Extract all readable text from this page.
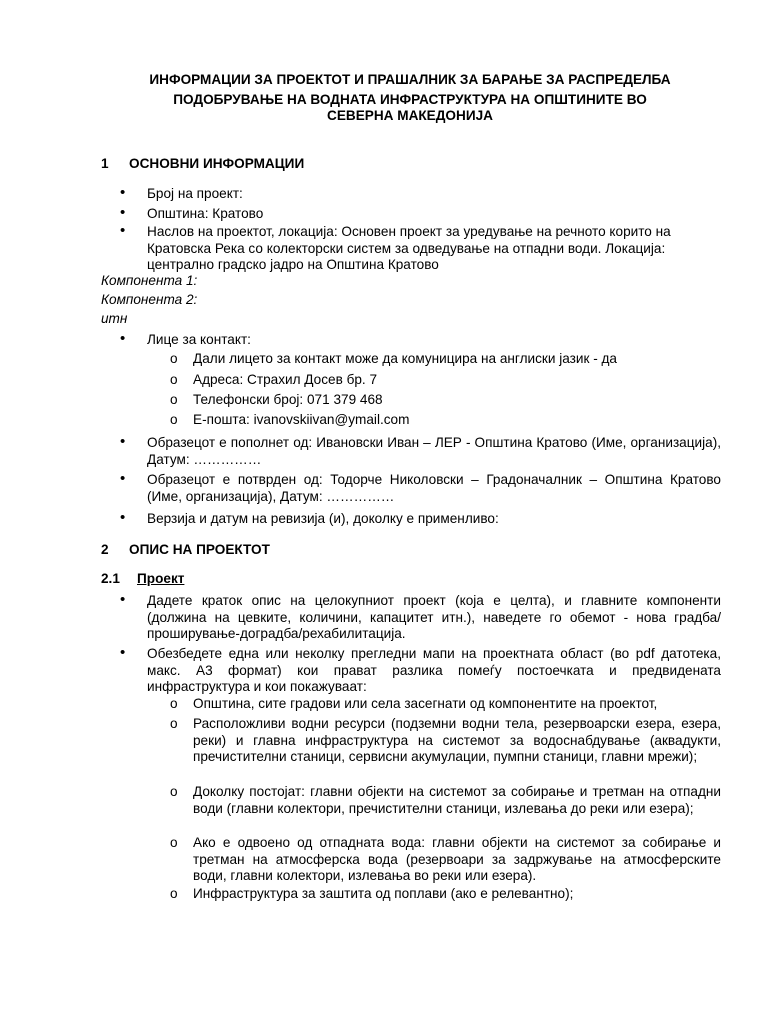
ИНФОРМАЦИИ ЗА ПРОЕКТОТ И ПРАШАЛНИК ЗА БАРАЊЕ ЗА РАСПРЕДЕЛБА
ПОДОБРУВАЊЕ НА ВОДНАТА ИНФРАСТРУКТУРА НА ОПШТИНИТЕ ВО
СЕВЕРНА МАКЕДОНИЈА
1 ОСНОВНИ ИНФОРМАЦИИ
• Број на проект:
• Општина: Кратово
• Наслов на проектот, локација: Основен проект за уредување на речното корито на Кратовска Река со колекторски систем за одведување на отпадни води. Локација: централно градско јадро на Општина Кратово
Компонента 1:
Компонента 2:
итн
• Лице за контакт:
o Дали лицето за контакт може да комуницира на англиски јазик - да
o Адреса: Страхил Досев бр. 7
o Телефонски број: 071 379 468
o Е-пошта: ivanovskiivan@ymail.com
• Образецот е пополнет од: Ивановски Иван – ЛЕР - Општина Кратово (Име, организација), Датум: ……………
• Образецот е потврден од: Тодорче Николовски – Градоначалник – Општина Кратово (Име, организација), Датум: ……………
• Верзија и датум на ревизија (и), доколку е применливо:
2 ОПИС НА ПРОЕКТОТ
2.1 Проект
• Дадете краток опис на целокупниот проект (која е целта), и главните компоненти (должина на цевките, количини, капацитет итн.), наведете го обемот - нова градба/проширување-доградба/рехабилитација.
• Обезбедете една или неколку прегледни мапи на проектната област (во pdf датотека, макс. А3 формат) кои прават разлика помеѓу постоечката и предвидената инфраструктура и кои покажуваат:
o Општина, сите градови или села засегнати од компонентите на проектот,
o Расположливи водни ресурси (подземни водни тела, резервоарски езера, езера, реки) и главна инфраструктура на системот за водоснабдување (аквадукти, пречистителни станици, сервисни акумулации, пумпни станици, главни мрежи);
o Доколку постојат: главни објекти на системот за собирање и третман на отпадни води (главни колектори, пречистителни станици, излевања до реки или езера);
o Ако е одвоено од отпадната вода: главни објекти на системот за собирање и третман на атмосферска вода (резервоари за задржување на атмосферските води, главни колектори, излевања во реки или езера).
o Инфраструктура за заштита од поплави (ако е релевантно);
